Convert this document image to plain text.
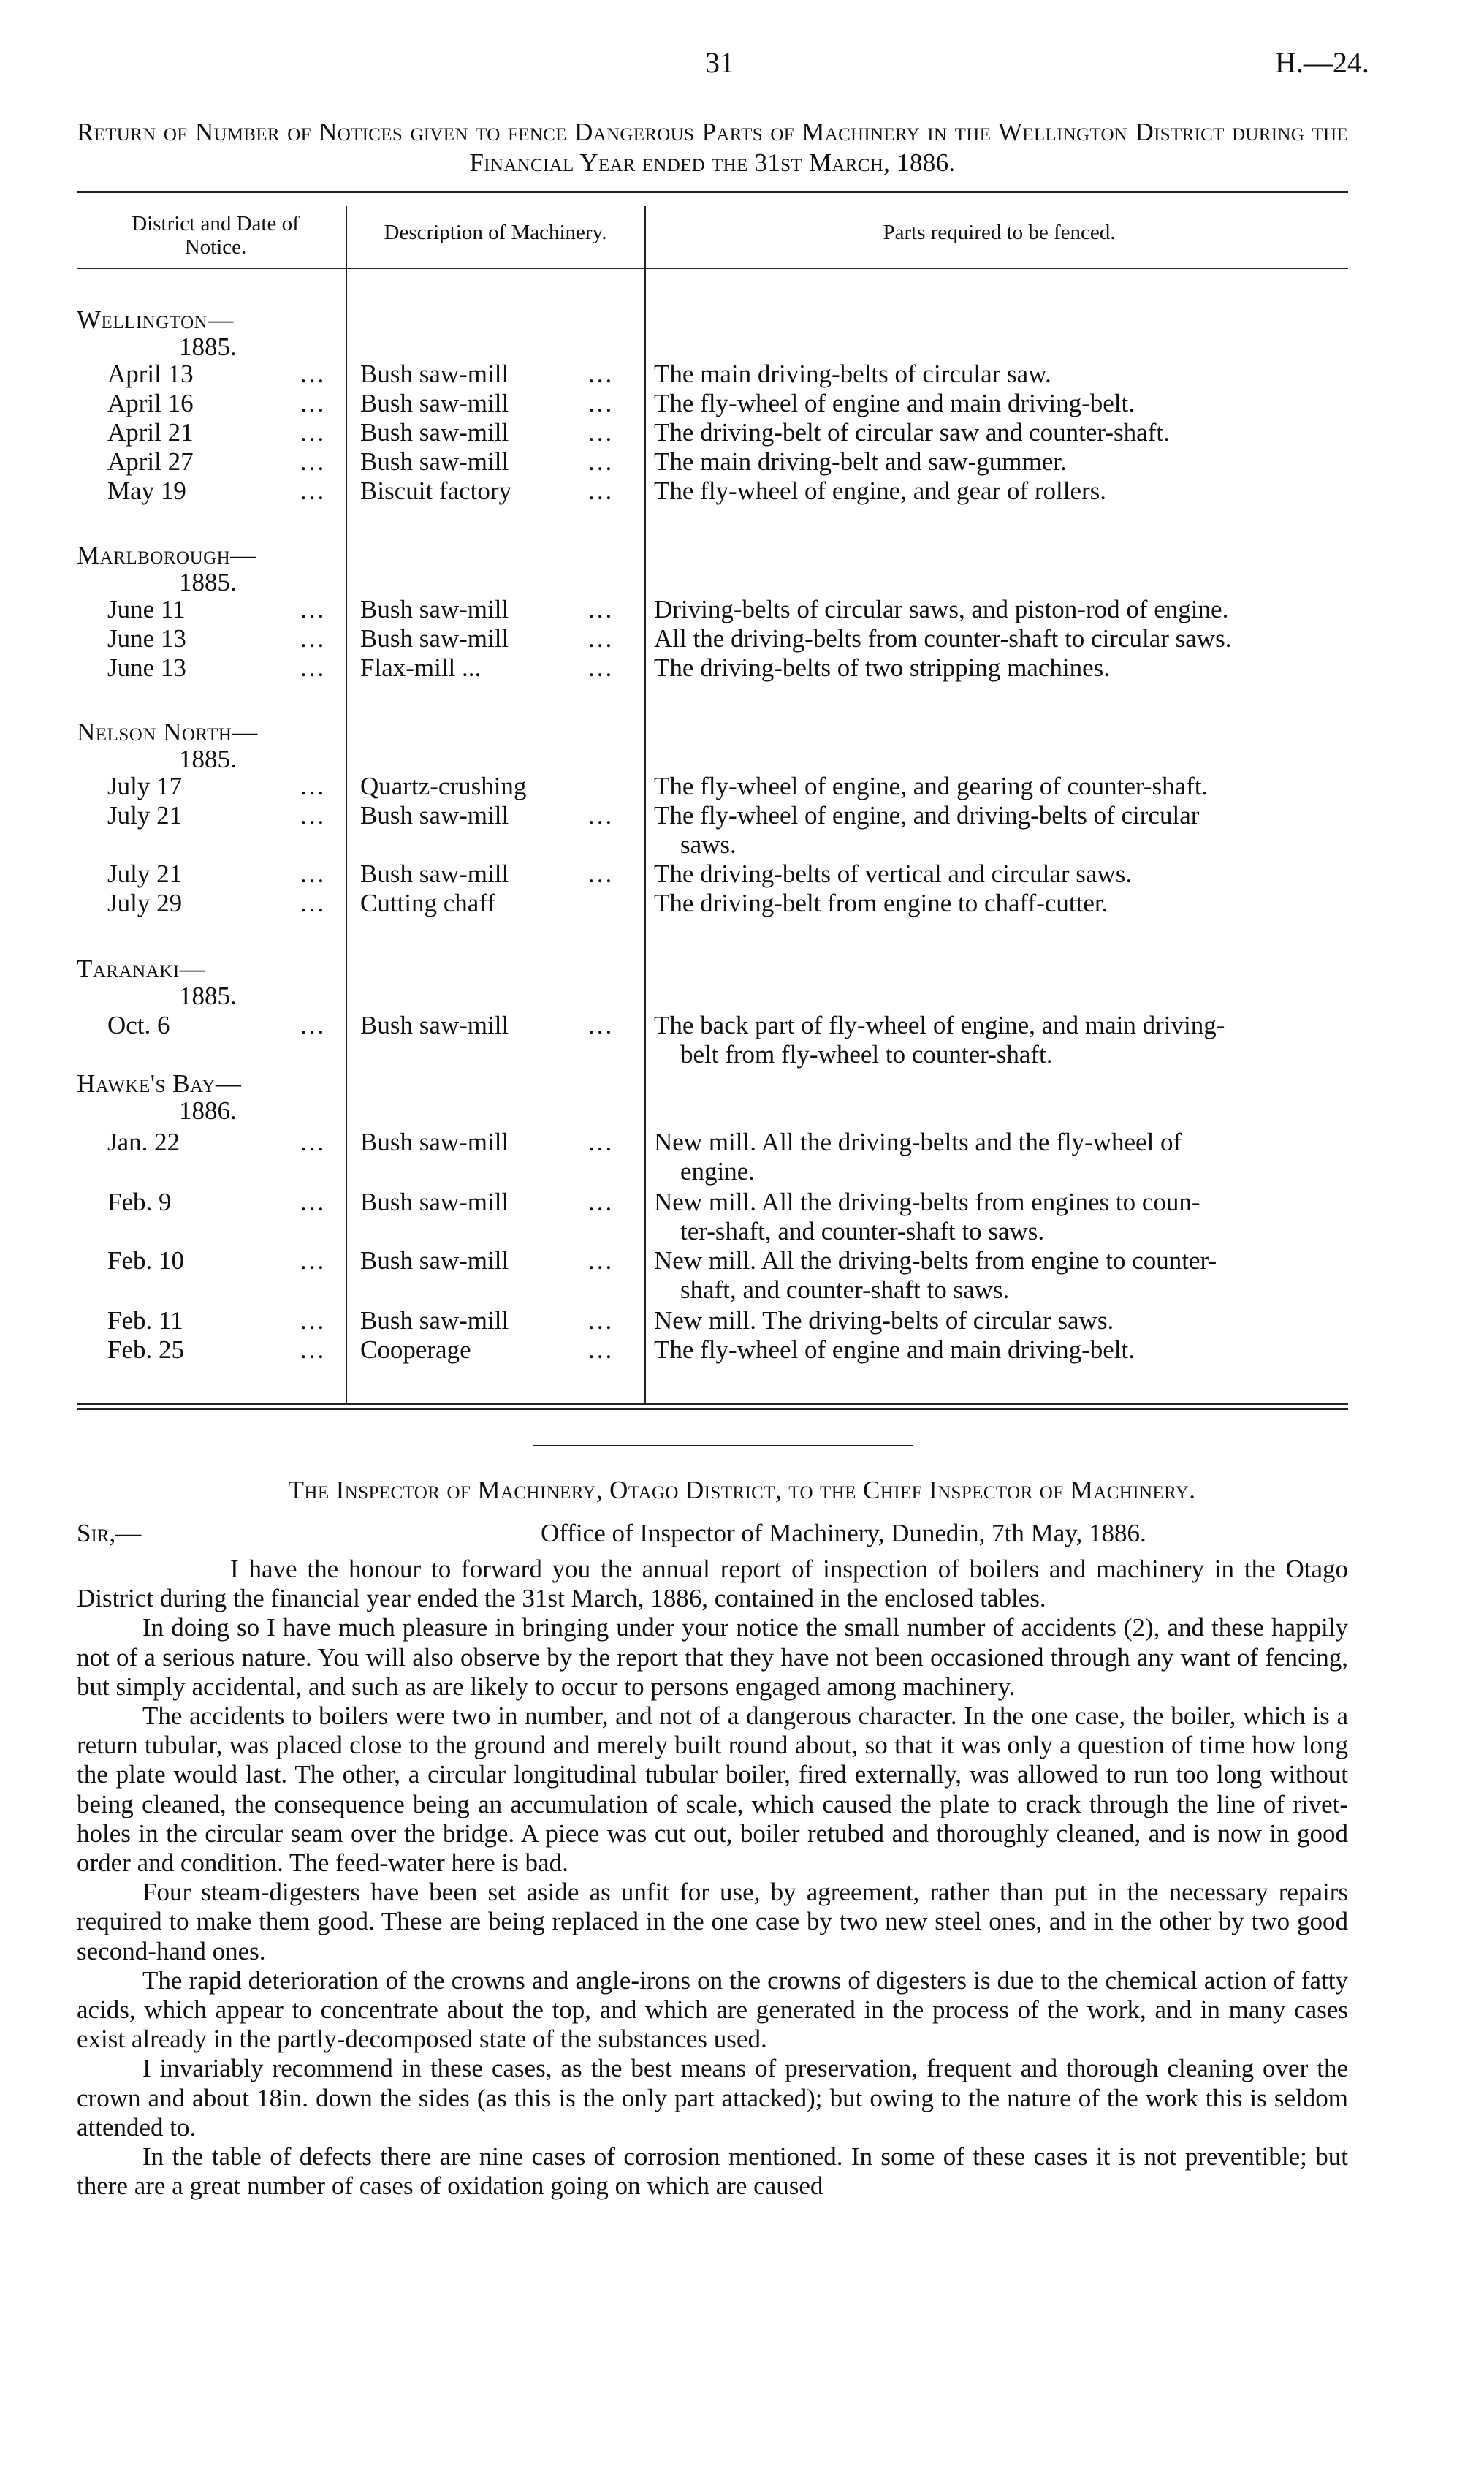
31	H.—24.
Return of Number of Notices given to fence Dangerous Parts of Machinery in the Wellington District during the Financial Year ended the 31st March, 1886.
District and Date of Notice.
Description of Machinery.	Parts required to be fenced.
Wellington—
1885.
April 13	... Bush saw-mill	... The main driving-belts of circular saw.
April 16	... Bush saw-mill	... The fly-wheel of engine and main driving-belt.
April 21	... Bush saw-mill	... The driving-belt of circular saw and counter-shaft.
April 27	... Bush saw-mill	... The main driving-belt and saw-gummer.
May 19	... Biscuit factory	... The fly-wheel of engine, and gear of rollers.
Marlborough—
1885.
June 11	... Bush saw-mill	... Driving-belts of circular saws, and piston-rod of engine.
June 13	... Bush saw-mill	... All the driving-belts from counter-shaft to circular saws.
June 13	... Flax-mill ...	... The driving-belts of two stripping machines.
Nelson North—
1885.
July 17	... Quartz-crushing	The fly-wheel of engine, and gearing of counter-shaft.
July 21	... Bush saw-mill	... The fly-wheel of engine, and driving-belts of circular
saws.
July 21	... Bush saw-mill	... The driving-belts of vertical and circular saws.
July 29	... Cutting chaff	The driving-belt from engine to chaff-cutter.
Taranaki—
1885.
Oct. 6	... Bush saw-mill	... The back part of fly-wheel of engine, and main driving-
belt from fly-wheel to counter-shaft.
Hawke's Bay—
1886.
Jan. 22	... Bush saw-mill	... New mill. All the driving-belts and the fly-wheel of
engine.
Feb. 9	... Bush saw-mill	... New mill. All the driving-belts from engines to coun-
ter-shaft, and counter-shaft to saws.
Feb. 10	... Bush saw-mill	... New mill. All the driving-belts from engine to counter-
shaft, and counter-shaft to saws.
Feb. 11	... Bush saw-mill	... New mill. The driving-belts of circular saws.
Feb. 25	... Cooperage	... The fly-wheel of engine and main driving-belt.
The Inspector of Machinery, Otago District, to the Chief Inspector of Machinery.
Sir,—	Office of Inspector of Machinery, Dunedin, 7th May, 1886.

I have the honour to forward you the annual report of inspection of boilers and machinery in the Otago District during the financial year ended the 31st March, 1886, contained in the enclosed tables.

In doing so I have much pleasure in bringing under your notice the small number of accidents (2), and these happily not of a serious nature. You will also observe by the report that they have not been occasioned through any want of fencing, but simply accidental, and such as are likely to occur to persons engaged among machinery.

The accidents to boilers were two in number, and not of a dangerous character. In the one case, the boiler, which is a return tubular, was placed close to the ground and merely built round about, so that it was only a question of time how long the plate would last. The other, a circular longitudinal tubular boiler, fired externally, was allowed to run too long without being cleaned, the consequence being an accumulation of scale, which caused the plate to crack through the line of rivet-holes in the circular seam over the bridge. A piece was cut out, boiler retubed and thoroughly cleaned, and is now in good order and condition. The feed-water here is bad.

Four steam-digesters have been set aside as unfit for use, by agreement, rather than put in the necessary repairs required to make them good. These are being replaced in the one case by two new steel ones, and in the other by two good second-hand ones.

The rapid deterioration of the crowns and angle-irons on the crowns of digesters is due to the chemical action of fatty acids, which appear to concentrate about the top, and which are generated in the process of the work, and in many cases exist already in the partly-decomposed state of the substances used.

I invariably recommend in these cases, as the best means of preservation, frequent and thorough cleaning over the crown and about 18in. down the sides (as this is the only part attacked); but owing to the nature of the work this is seldom attended to.

In the table of defects there are nine cases of corrosion mentioned. In some of these cases it is not preventible; but there are a great number of cases of oxidation going on which are caused
